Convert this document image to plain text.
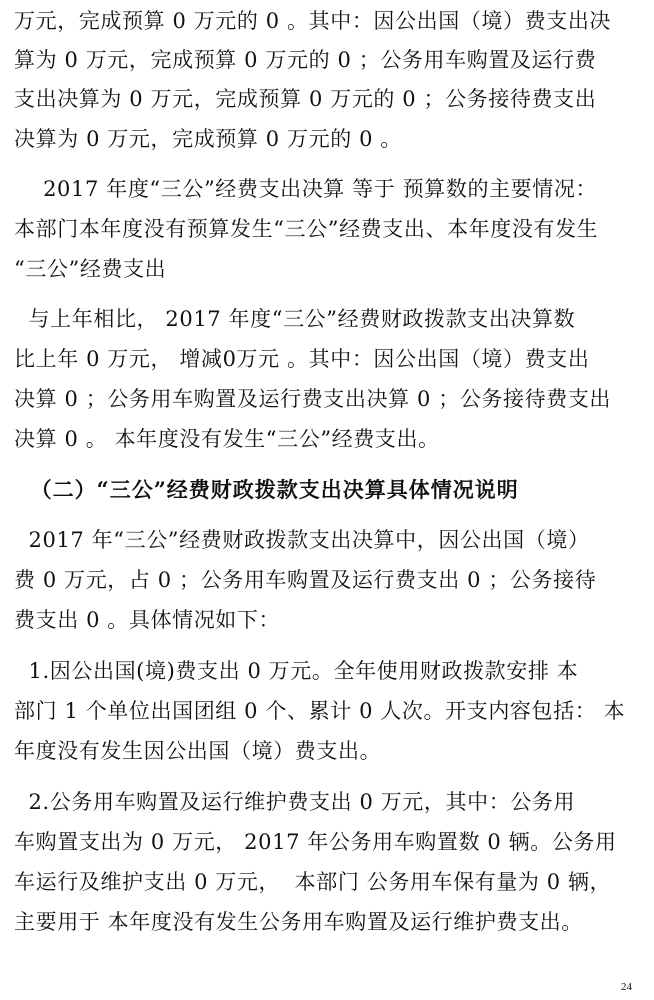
万元，完成预算 0 万元的 0 。其中：因公出国（境）费支出决
算为 0 万元，完成预算 0 万元的 0 ；公务用车购置及运行费
支出决算为 0 万元，完成预算 0 万元的 0 ；公务接待费支出
决算为 0 万元，完成预算 0 万元的 0 。
2017 年度“三公”经费支出决算 等于 预算数的主要情况：
本部门本年度没有预算发生“三公”经费支出、本年度没有发生
“三公”经费支出
与上年相比， 2017 年度“三公”经费财政拨款支出决算数
比上年 0 万元， 增减0万元 。其中：因公出国（境）费支出
决算 0 ；公务用车购置及运行费支出决算 0 ；公务接待费支出
决算 0 。 本年度没有发生“三公”经费支出。
（二）“三公”经费财政拨款支出决算具体情况说明
2017 年“三公”经费财政拨款支出决算中，因公出国（境）
费 0 万元，占 0 ；公务用车购置及运行费支出 0 ；公务接待
费支出 0 。具体情况如下：
1.因公出国(境)费支出 0 万元。全年使用财政拨款安排 本
部门 1 个单位出国团组 0 个、累计 0 人次。开支内容包括： 本
年度没有发生因公出国（境）费支出。
2.公务用车购置及运行维护费支出 0 万元，其中：公务用
车购置支出为 0 万元， 2017 年公务用车购置数 0 辆。公务用
车运行及维护支出 0 万元，  本部门 公务用车保有量为 0 辆，
主要用于 本年度没有发生公务用车购置及运行维护费支出。
24
